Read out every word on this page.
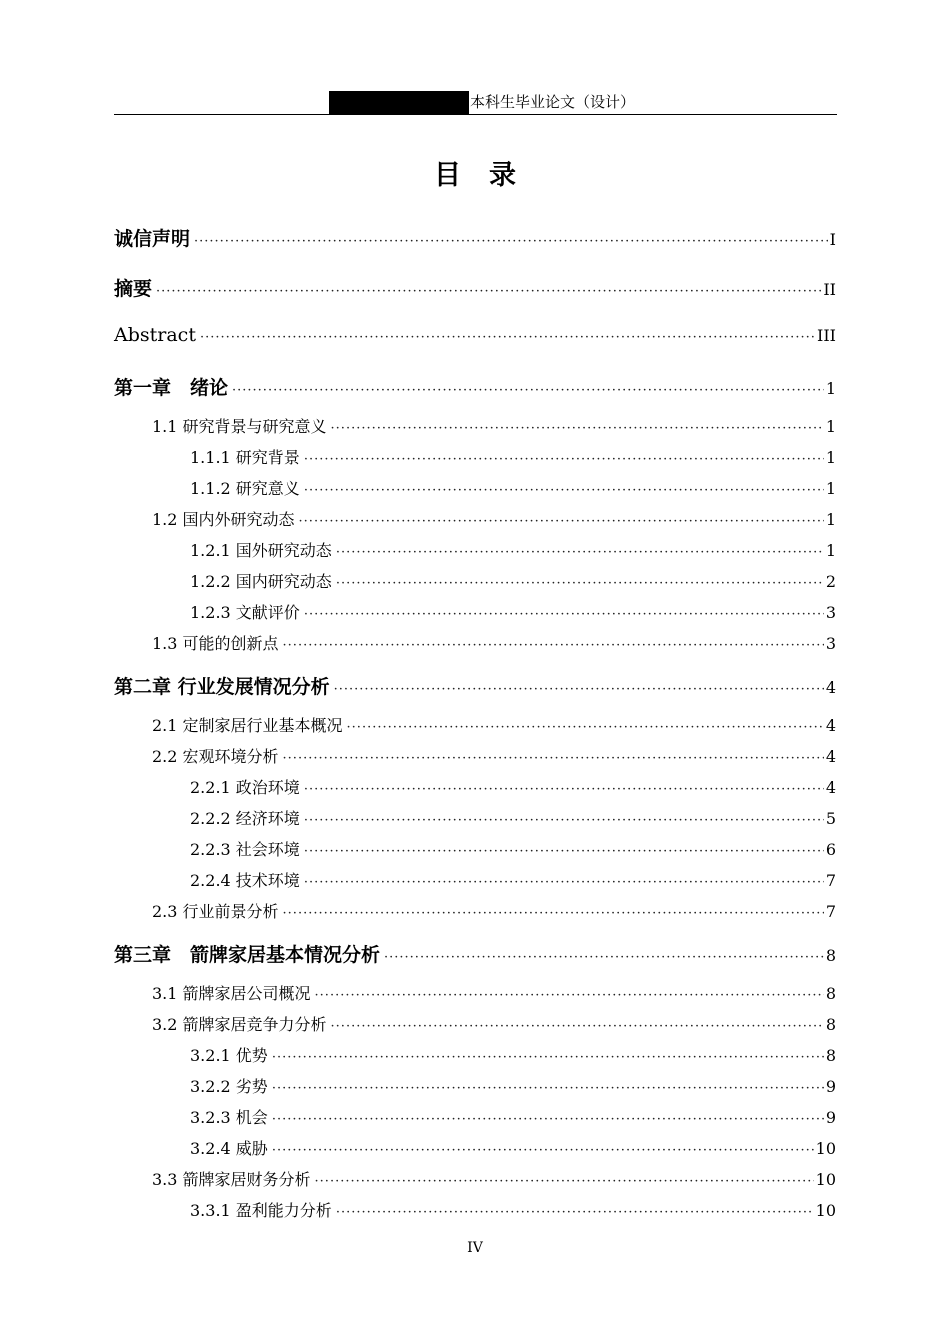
本科生毕业论文（设计）
目录
诚信声明 ·····	I
摘要 ·····	II
Abstract ·····	III
第一章　绪论 ·····	1
1.1 研究背景与研究意义 ·····	1
1.1.1 研究背景 ·····	1
1.1.2 研究意义 ·····	1
1.2 国内外研究动态 ·····	1
1.2.1 国外研究动态 ·····	1
1.2.2 国内研究动态 ·····	2
1.2.3 文献评价 ·····	3
1.3 可能的创新点 ·····	3
第二章 行业发展情况分析 ·····	4
2.1 定制家居行业基本概况 ·····	4
2.2 宏观环境分析 ·····	4
2.2.1 政治环境 ·····	4
2.2.2 经济环境 ·····	5
2.2.3 社会环境 ·····	6
2.2.4 技术环境 ·····	7
2.3 行业前景分析 ·····	7
第三章　箭牌家居基本情况分析 ·····	8
3.1 箭牌家居公司概况 ·····	8
3.2 箭牌家居竞争力分析 ·····	8
3.2.1 优势 ·····	8
3.2.2 劣势 ·····	9
3.2.3 机会 ·····	9
3.2.4 威胁 ·····	10
3.3 箭牌家居财务分析 ·····	10
3.3.1 盈利能力分析 ·····	10
IV
